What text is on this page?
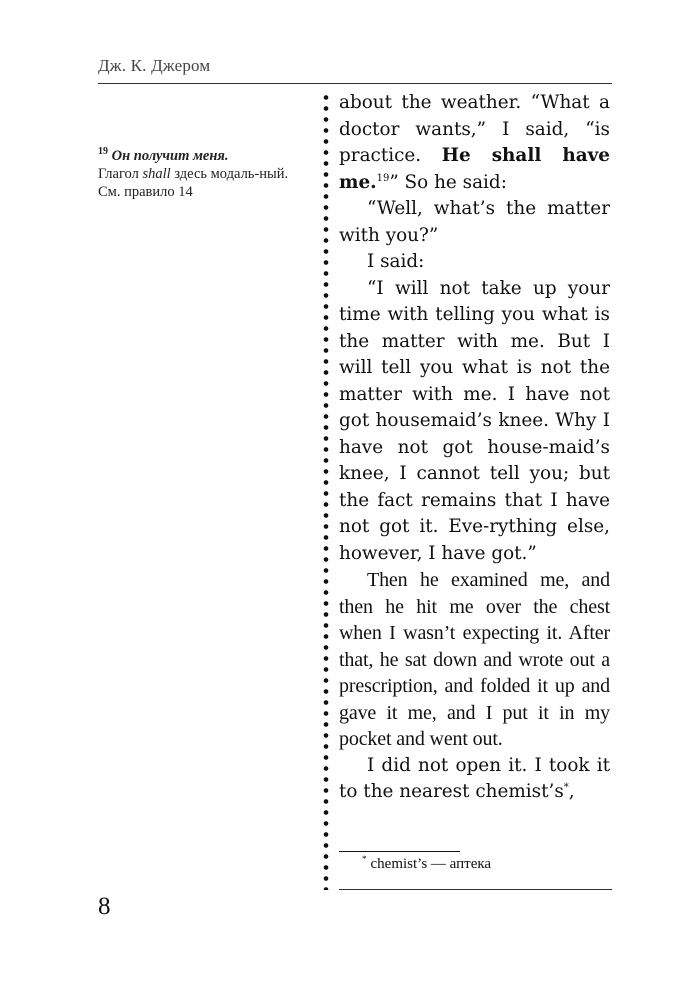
Дж. К. Джером
$^{19}$ Он получит меня.
Глагол shall здесь модаль-ный. См. правило 14

about the weather. “What a doctor wants,” I said, “is practice. He shall have me.$^{19}$” So he said:

“Well, what’s the matter with you?”

I said:

“I will not take up your time with telling you what is the matter with me. But I will tell you what is not the matter with me. I have not got housemaid’s knee. Why I have not got house-maid’s knee, I cannot tell you; but the fact remains that I have not got it. Eve-rything else, however, I have got.”

Then he examined me, and then he hit me over the chest when I wasn’t expecting it. After that, he sat down and wrote out a prescription, and folded it up and gave it me, and I put it in my pocket and went out.

I did not open it. I took it to the nearest chemist’s*,

* chemist’s — аптека
8
